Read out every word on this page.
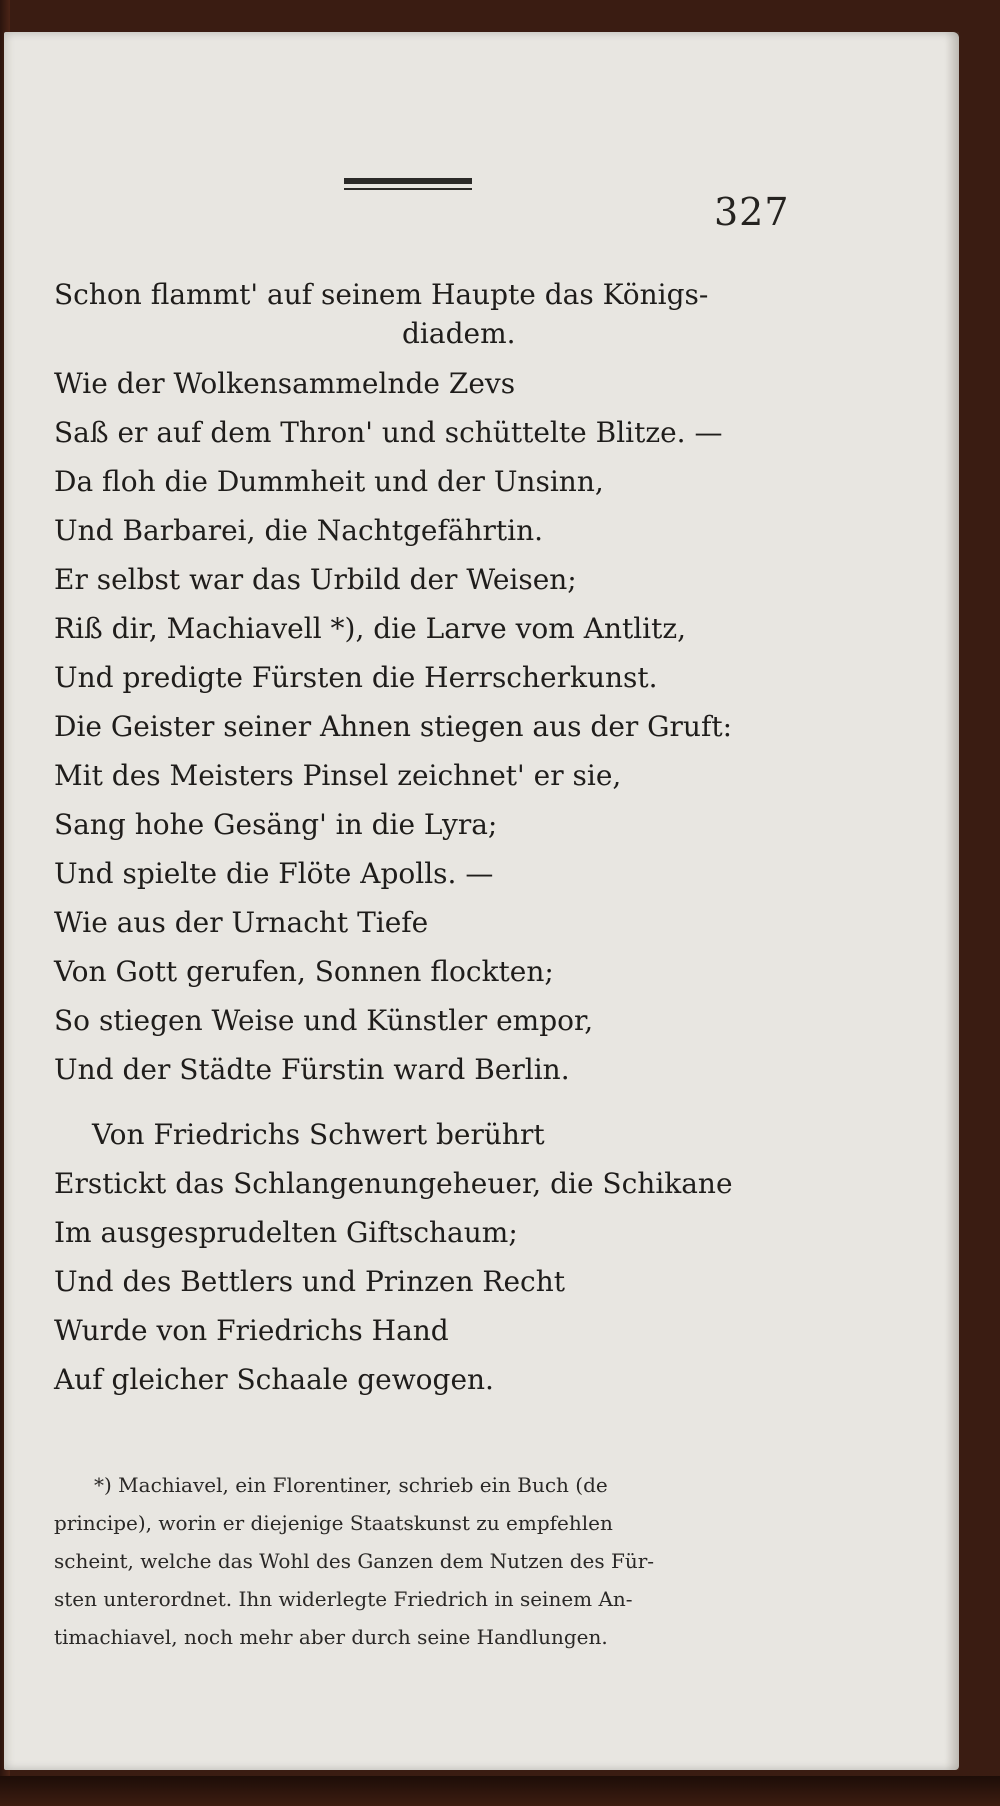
327
Schon flammt' auf seinem Haupte das Königs-
diadem.
Wie der Wolkensammelnde Zevs
Saß er auf dem Thron' und schüttelte Blitze. —
Da floh die Dummheit und der Unsinn,
Und Barbarei, die Nachtgefährtin.
Er selbst war das Urbild der Weisen;
Riß dir, Machiavell *), die Larve vom Antlitz,
Und predigte Fürsten die Herrscherkunst.
Die Geister seiner Ahnen stiegen aus der Gruft:
Mit des Meisters Pinsel zeichnet' er sie,
Sang hohe Gesäng' in die Lyra;
Und spielte die Flöte Apolls. —
Wie aus der Urnacht Tiefe
Von Gott gerufen, Sonnen flockten;
So stiegen Weise und Künstler empor,
Und der Städte Fürstin ward Berlin.
Von Friedrichs Schwert berührt
Erstickt das Schlangenungeheuer, die Schikane
Im ausgesprudelten Giftschaum;
Und des Bettlers und Prinzen Recht
Wurde von Friedrichs Hand
Auf gleicher Schaale gewogen.
*) Machiavel, ein Florentiner, schrieb ein Buch (de
principe), worin er diejenige Staatskunst zu empfehlen
scheint, welche das Wohl des Ganzen dem Nutzen des Für-
sten unterordnet. Ihn widerlegte Friedrich in seinem An-
timachiavel, noch mehr aber durch seine Handlungen.
